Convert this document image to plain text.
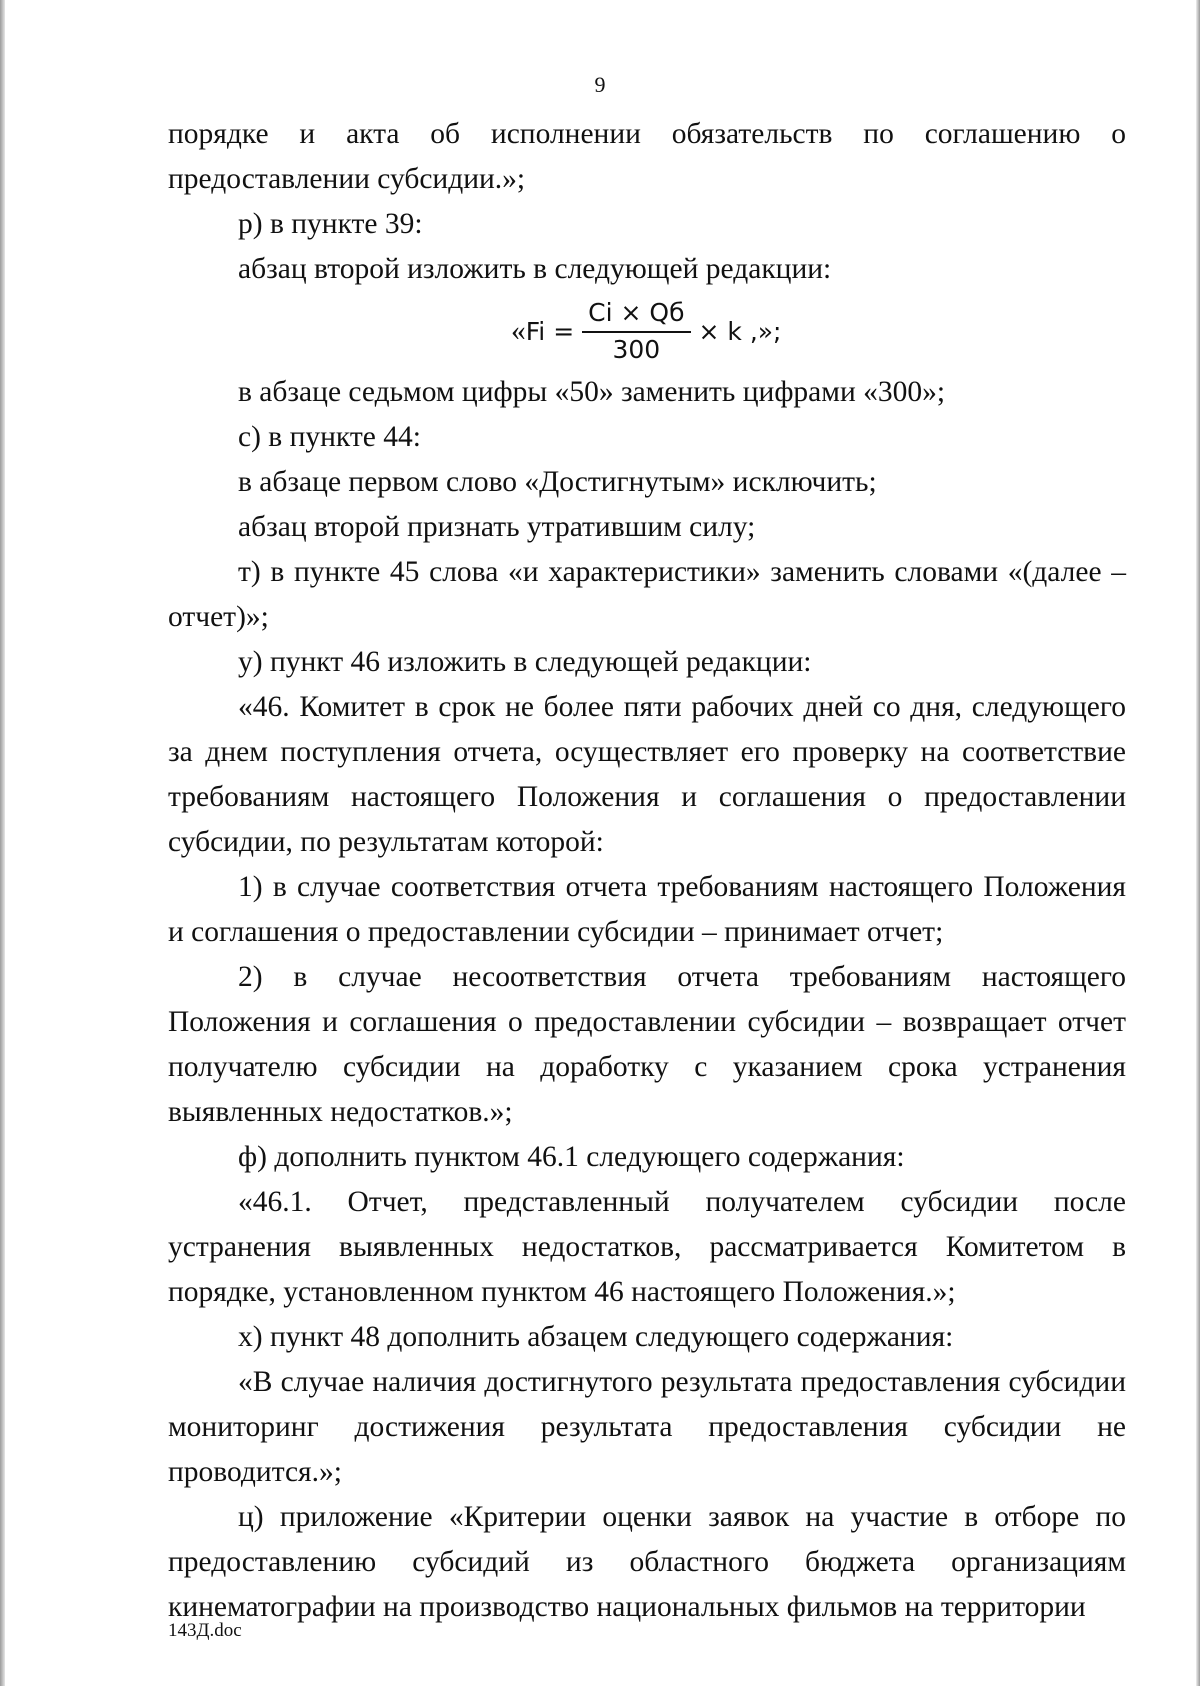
9

порядке и акта об исполнении обязательств по соглашению о предоставлении субсидии.»;

р) в пункте 39:

абзац второй изложить в следующей редакции:

« $Fi = \frac{Ci \times Qб}{300} \times k$ ,»;

в абзаце седьмом цифры «50» заменить цифрами «300»;

с) в пункте 44:

в абзаце первом слово «Достигнутым» исключить;

абзац второй признать утратившим силу;

т) в пункте 45 слова «и характеристики» заменить словами «(далее – отчет)»;

у) пункт 46 изложить в следующей редакции:

«46. Комитет в срок не более пяти рабочих дней со дня, следующего за днем поступления отчета, осуществляет его проверку на соответствие требованиям настоящего Положения и соглашения о предоставлении субсидии, по результатам которой:

1) в случае соответствия отчета требованиям настоящего Положения и соглашения о предоставлении субсидии – принимает отчет;

2) в случае несоответствия отчета требованиям настоящего Положения и соглашения о предоставлении субсидии – возвращает отчет получателю субсидии на доработку с указанием срока устранения выявленных недостатков.»;

ф) дополнить пунктом 46.1 следующего содержания:

«46.1. Отчет, представленный получателем субсидии после устранения выявленных недостатков, рассматривается Комитетом в порядке, установленном пунктом 46 настоящего Положения.»;

х) пункт 48 дополнить абзацем следующего содержания:

«В случае наличия достигнутого результата предоставления субсидии мониторинг достижения результата предоставления субсидии не проводится.»;

ц) приложение «Критерии оценки заявок на участие в отборе по предоставлению субсидий из областного бюджета организациям кинематографии на производство национальных фильмов на территории

143Д.doc
